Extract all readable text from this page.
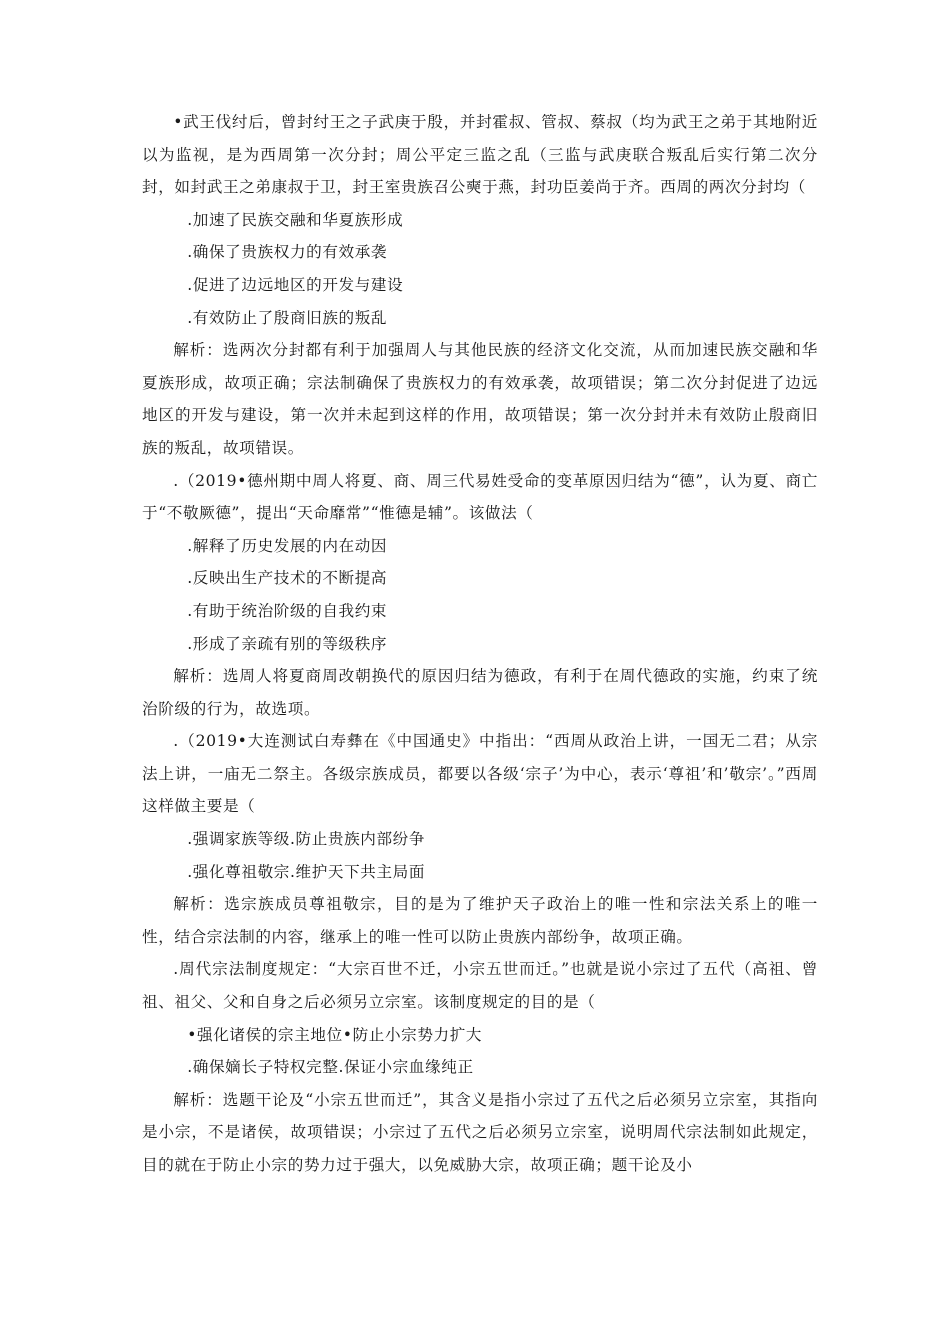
•武王伐纣后，曾封纣王之子武庚于殷，并封霍叔、管叔、蔡叔（均为武王之弟于其地附近以为监视，是为西周第一次分封；周公平定三监之乱（三监与武庚联合叛乱后实行第二次分封，如封武王之弟康叔于卫，封王室贵族召公奭于燕，封功臣姜尚于齐。西周的两次分封均（

.加速了民族交融和华夏族形成

.确保了贵族权力的有效承袭

.促进了边远地区的开发与建设

.有效防止了殷商旧族的叛乱

解析：选两次分封都有利于加强周人与其他民族的经济文化交流，从而加速民族交融和华夏族形成，故项正确；宗法制确保了贵族权力的有效承袭，故项错误；第二次分封促进了边远地区的开发与建设，第一次并未起到这样的作用，故项错误；第一次分封并未有效防止殷商旧族的叛乱，故项错误。

.（2019•德州期中周人将夏、商、周三代易姓受命的变革原因归结为“德”，认为夏、商亡于“不敬厥德”，提出“天命靡常”“惟德是辅”。该做法（

.解释了历史发展的内在动因

.反映出生产技术的不断提高

.有助于统治阶级的自我约束

.形成了亲疏有别的等级秩序

解析：选周人将夏商周改朝换代的原因归结为德政，有利于在周代德政的实施，约束了统治阶级的行为，故选项。

.（2019•大连测试白寿彝在《中国通史》中指出：“西周从政治上讲，一国无二君；从宗法上讲，一庙无二祭主。各级宗族成员，都要以各级‘宗子’为中心，表示‘尊祖’和’敬宗’。”西周这样做主要是（

.强调家族等级.防止贵族内部纷争

.强化尊祖敬宗.维护天下共主局面

解析：选宗族成员尊祖敬宗，目的是为了维护天子政治上的唯一性和宗法关系上的唯一性，结合宗法制的内容，继承上的唯一性可以防止贵族内部纷争，故项正确。

.周代宗法制度规定：“大宗百世不迁，小宗五世而迁。”也就是说小宗过了五代（高祖、曾祖、祖父、父和自身之后必须另立宗室。该制度规定的目的是（

•强化诸侯的宗主地位•防止小宗势力扩大

.确保嫡长子特权完整.保证小宗血缘纯正

解析：选题干论及“小宗五世而迁”，其含义是指小宗过了五代之后必须另立宗室，其指向是小宗，不是诸侯，故项错误；小宗过了五代之后必须另立宗室，说明周代宗法制如此规定，目的就在于防止小宗的势力过于强大，以免威胁大宗，故项正确；题干论及小
